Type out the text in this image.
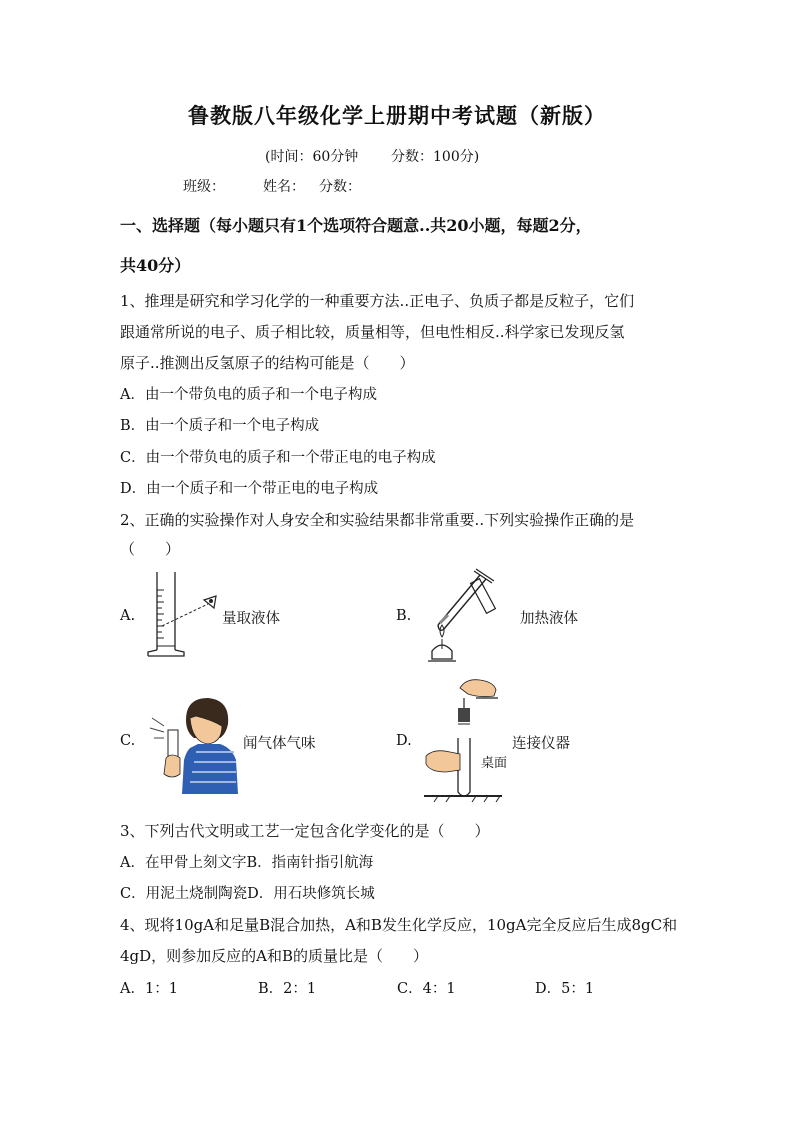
鲁教版八年级化学上册期中考试题（新版）
(时间：60分钟 分数：100分)
班级：	姓名： 分数：
一、选择题（每小题只有1个选项符合题意..共20小题，每题2分，
共40分）
1、推理是研究和学习化学的一种重要方法..正电子、负质子都是反粒子，它们
跟通常所说的电子、质子相比较，质量相等，但电性相反..科学家已发现反氢
原子..推测出反氢原子的结构可能是（　　）
A．由一个带负电的质子和一个电子构成
B．由一个质子和一个电子构成
C．由一个带负电的质子和一个带正电的电子构成
D．由一个质子和一个带正电的电子构成
2、正确的实验操作对人身安全和实验结果都非常重要..下列实验操作正确的是
（　　）
A.	量取液体	B.	加热液体
C.	闻气体气味	D.
桌面
连接仪器
3、下列古代文明或工艺一定包含化学变化的是（　　）
A．在甲骨上刻文字B．指南针指引航海
C．用泥土烧制陶瓷D．用石块修筑长城
4、现将10gA和足量B混合加热，A和B发生化学反应，10gA完全反应后生成8gC和
4gD，则参加反应的A和B的质量比是（　　）
A．1：1	B．2：1	C．4：1	D．5：1
